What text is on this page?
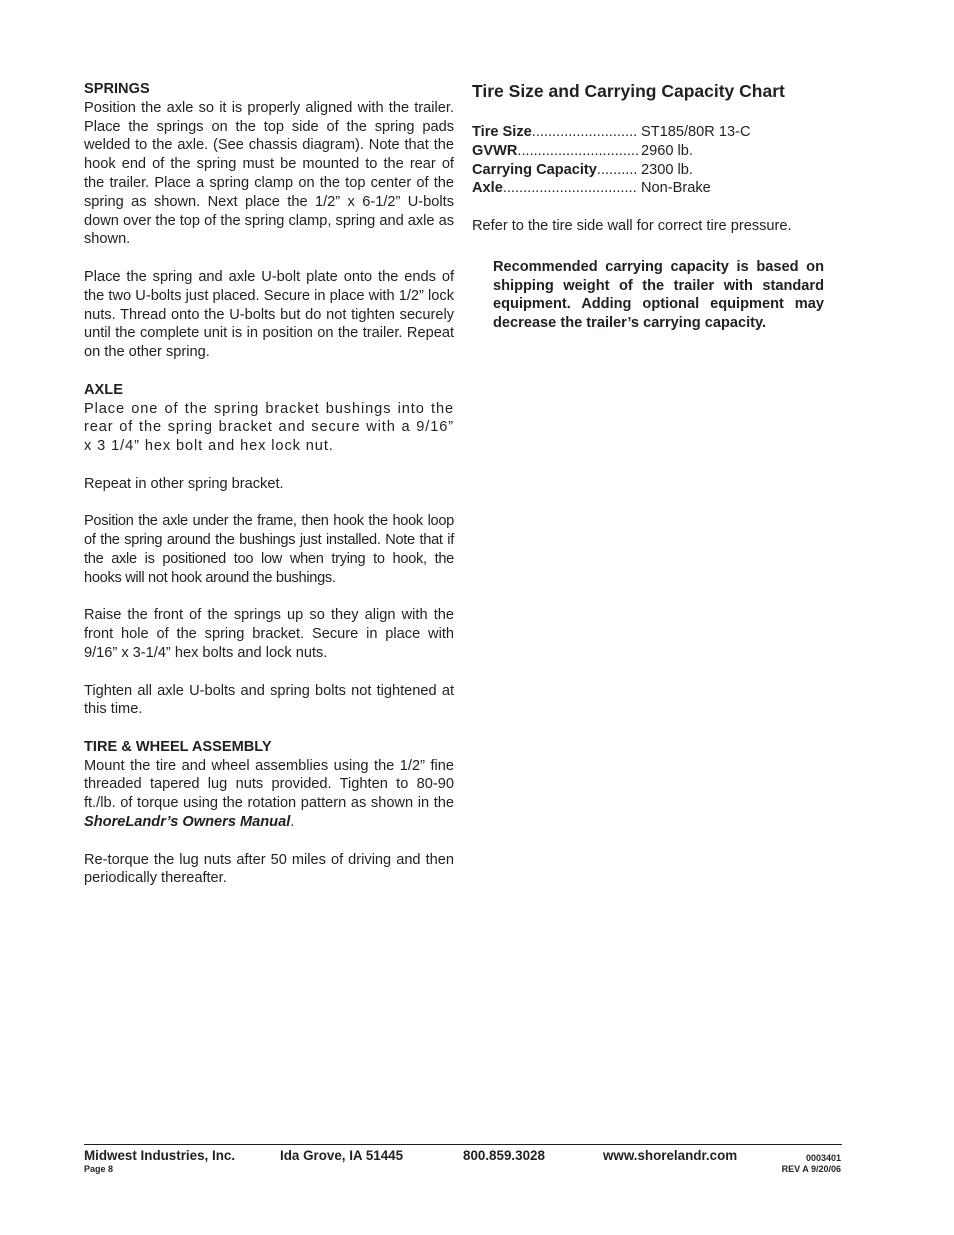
SPRINGS

Position the axle so it is properly aligned with the trailer. Place the springs on the top side of the spring pads welded to the axle. (See chassis diagram). Note that the hook end of the spring must be mounted to the rear of the trailer. Place a spring clamp on the top center of the spring as shown. Next place the 1/2” x 6-1/2” U-bolts down over the top of the spring clamp, spring and axle as shown.

Place the spring and axle U-bolt plate onto the ends of the two U-bolts just placed. Secure in place with 1/2” lock nuts. Thread onto the U-bolts but do not tighten securely until the complete unit is in position on the trailer. Repeat on the other spring.

AXLE

Place one of the spring bracket bushings into the rear of the spring bracket and secure with a 9/16” x 3 1/4” hex bolt and hex lock nut.

Repeat in other spring bracket.

Position the axle under the frame, then hook the hook loop of the spring around the bushings just installed. Note that if the axle is positioned too low when trying to hook, the hooks will not hook around the bushings.

Raise the front of the springs up so they align with the front hole of the spring bracket. Secure in place with 9/16” x 3-1/4” hex bolts and lock nuts.

Tighten all axle U-bolts and spring bolts not tightened at this time.

TIRE & WHEEL ASSEMBLY

Mount the tire and wheel assemblies using the 1/2” fine threaded tapered lug nuts provided. Tighten to 80-90 ft./lb. of torque using the rotation pattern as shown in the ShoreLandr’s Owners Manual.

Re-torque the lug nuts after 50 miles of driving and then periodically thereafter.

Tire Size and Carrying Capacity Chart
Tire Size .....	ST185/80R 13-C
GVWR .....	2960 lb.
Carrying Capacity .....	2300 lb.
Axle .....	Non-Brake
Refer to the tire side wall for correct tire pressure.
Recommended carrying capacity is based on shipping weight of the trailer with standard equipment. Adding optional equipment may decrease the trailer’s carrying capacity.
Midwest Industries, Inc.	Ida Grove, IA 51445	800.859.3028	www.shorelandr.com	0003401
Page 8	REV A 9/20/06
